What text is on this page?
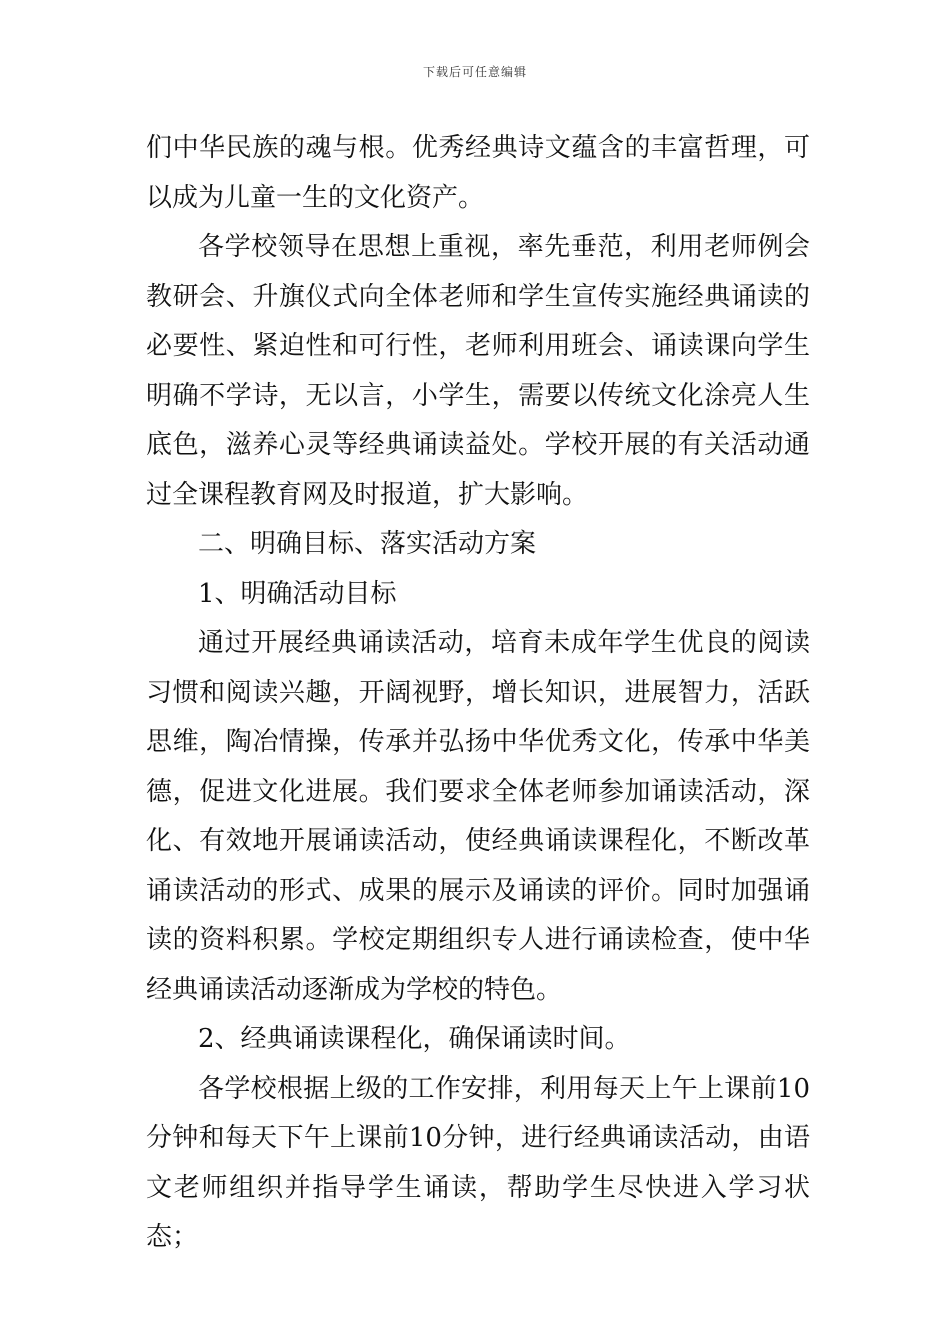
下载后可任意编辑

们中华民族的魂与根。优秀经典诗文蕴含的丰富哲理，可以成为儿童一生的文化资产。

各学校领导在思想上重视，率先垂范，利用老师例会教研会、升旗仪式向全体老师和学生宣传实施经典诵读的必要性、紧迫性和可行性，老师利用班会、诵读课向学生明确不学诗，无以言，小学生，需要以传统文化涂亮人生底色，滋养心灵等经典诵读益处。学校开展的有关活动通过全课程教育网及时报道，扩大影响。

二、明确目标、落实活动方案

1、明确活动目标

通过开展经典诵读活动，培育未成年学生优良的阅读习惯和阅读兴趣，开阔视野，增长知识，进展智力，活跃思维，陶冶情操，传承并弘扬中华优秀文化，传承中华美德，促进文化进展。我们要求全体老师参加诵读活动，深化、有效地开展诵读活动，使经典诵读课程化，不断改革诵读活动的形式、成果的展示及诵读的评价。同时加强诵读的资料积累。学校定期组织专人进行诵读检查，使中华经典诵读活动逐渐成为学校的特色。

2、经典诵读课程化，确保诵读时间。

各学校根据上级的工作安排，利用每天上午上课前10分钟和每天下午上课前10分钟，进行经典诵读活动，由语文老师组织并指导学生诵读，帮助学生尽快进入学习状态；
